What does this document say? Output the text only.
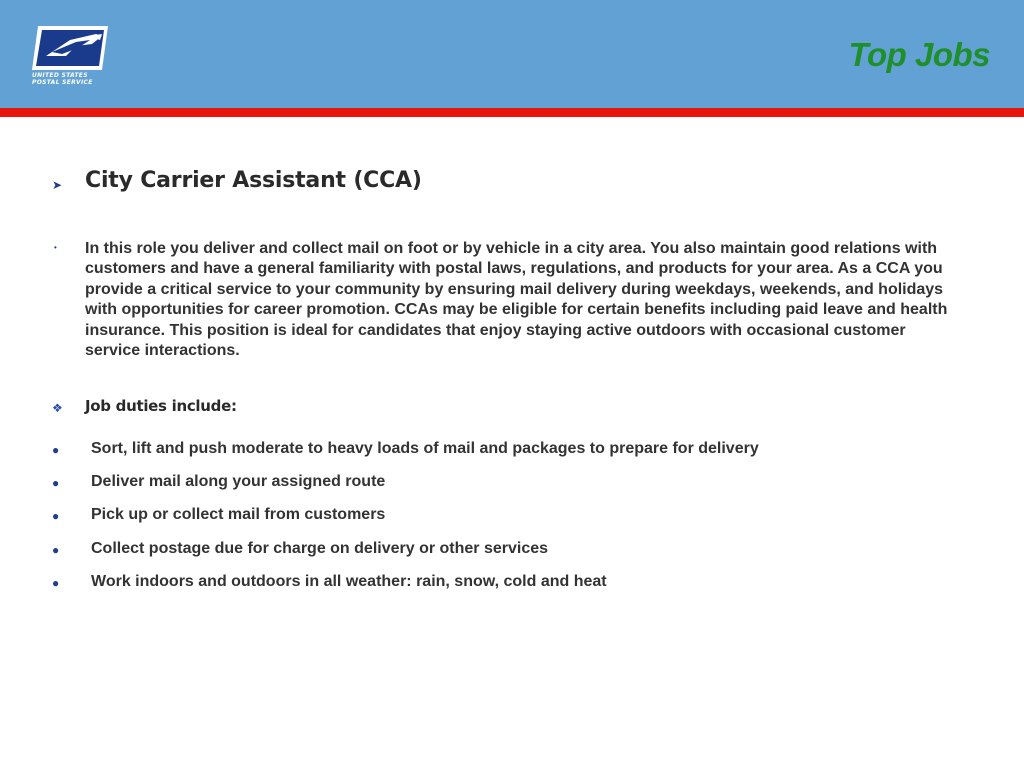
UNITED STATES
POSTAL SERVICE
Top Jobs
➤ City Carrier Assistant (CCA)
• In this role you deliver and collect mail on foot or by vehicle in a city area. You also maintain good relations with customers and have a general familiarity with postal laws, regulations, and products for your area. As a CCA you provide a critical service to your community by ensuring mail delivery during weekdays, weekends, and holidays with opportunities for career promotion. CCAs may be eligible for certain benefits including paid leave and health insurance. This position is ideal for candidates that enjoy staying active outdoors with occasional customer service interactions.
❖ Job duties include:
● Sort, lift and push moderate to heavy loads of mail and packages to prepare for delivery
● Deliver mail along your assigned route
● Pick up or collect mail from customers
● Collect postage due for charge on delivery or other services
● Work indoors and outdoors in all weather: rain, snow, cold and heat
